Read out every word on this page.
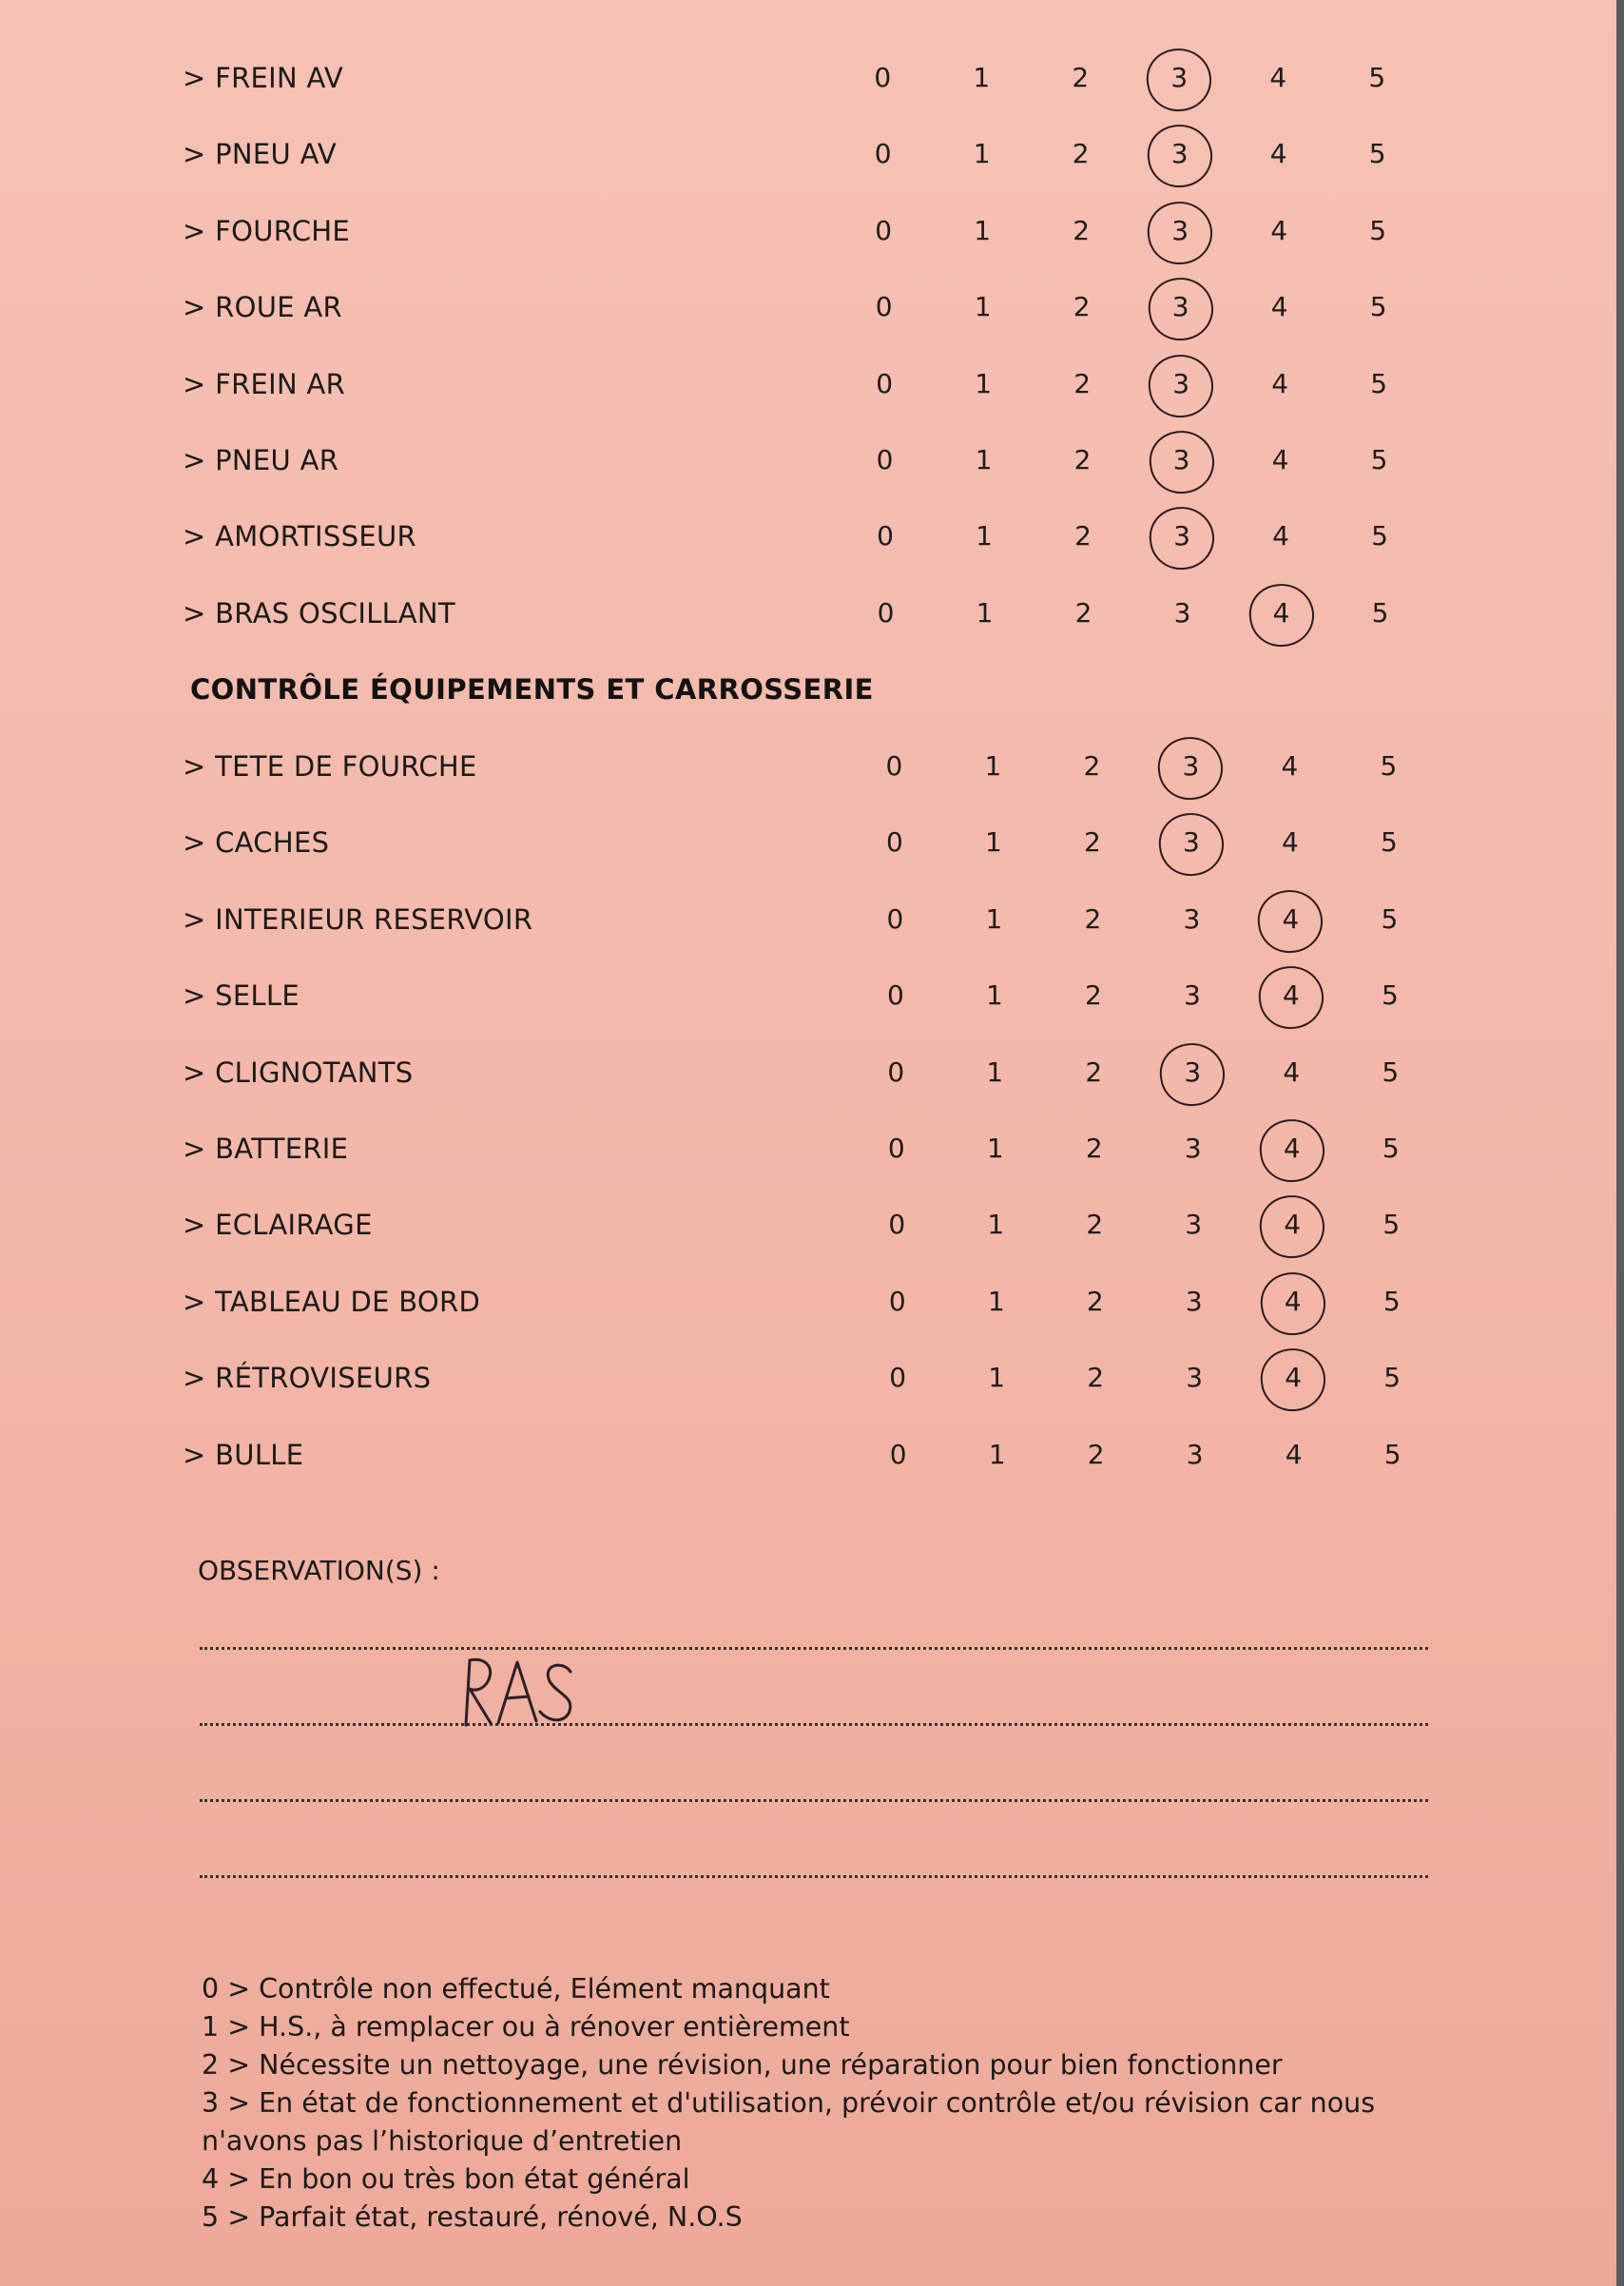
> FREIN AV	0	1	2	3	4	5
> PNEU AV	0	1	2	3	4	5
> FOURCHE	0	1	2	3	4	5
> ROUE AR	0	1	2	3	4	5
> FREIN AR	0	1	2	3	4	5
> PNEU AR	0	1	2	3	4	5
> AMORTISSEUR	0	1	2	3	4	5
> BRAS OSCILLANT	0	1	2	3	4	5
> TETE DE FOURCHE	0	1	2	3	4	5
> CACHES	0	1	2	3	4	5
> INTERIEUR RESERVOIR	0	1	2	3	4	5
> SELLE	0	1	2	3	4	5
> CLIGNOTANTS	0	1	2	3	4	5
> BATTERIE	0	1	2	3	4	5
> ECLAIRAGE	0	1	2	3	4	5
> TABLEAU DE BORD	0	1	2	3	4	5
> RÉTROVISEURS	0	1	2	3	4	5
> BULLE	0	1	2	3	4	5
CONTRÔLE ÉQUIPEMENTS ET CARROSSERIE
OBSERVATION(S) :
0 > Contrôle non effectué, Elément manquant
1 > H.S., à remplacer ou à rénover entièrement
2 > Nécessite un nettoyage, une révision, une réparation pour bien fonctionner
3 > En état de fonctionnement et d'utilisation, prévoir contrôle et/ou révision car nous
n'avons pas l’historique d’entretien
4 > En bon ou très bon état général
5 > Parfait état, restauré, rénové, N.O.S
